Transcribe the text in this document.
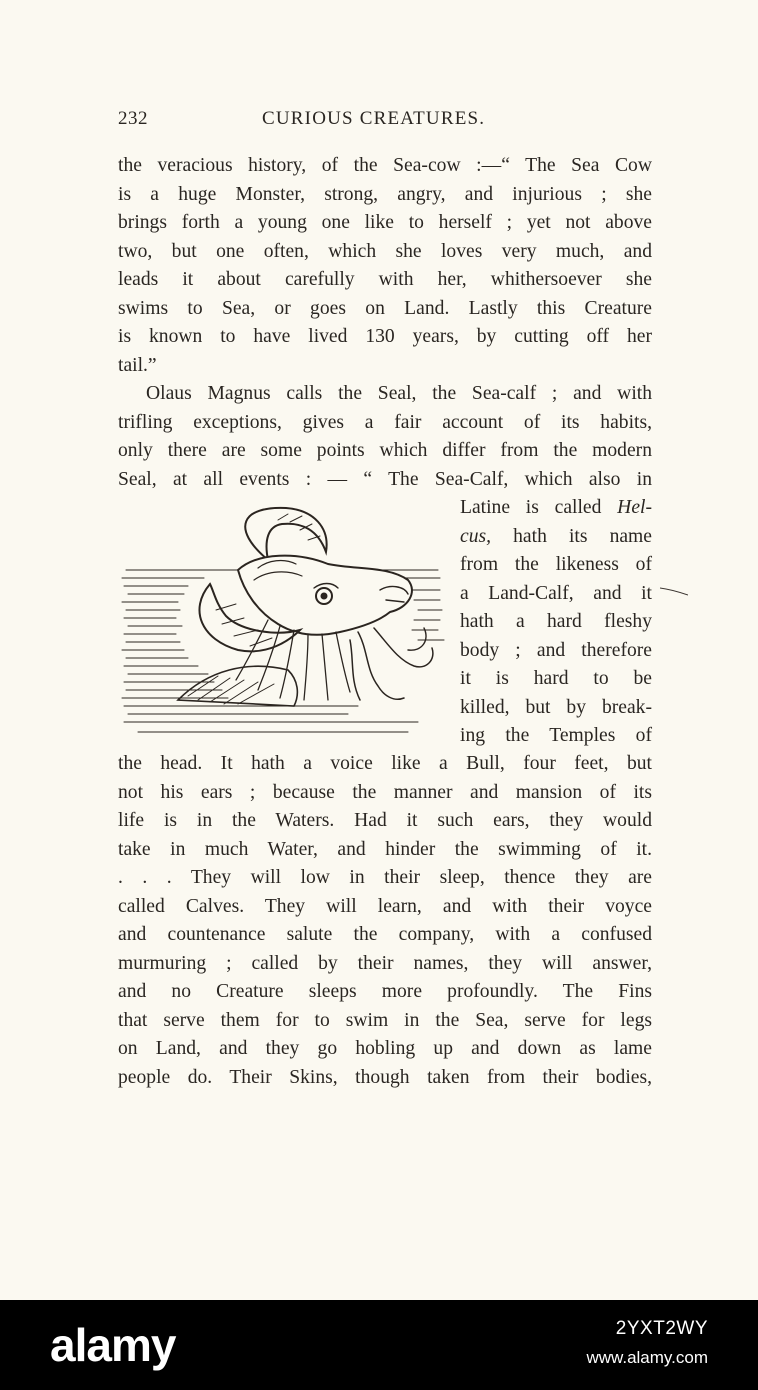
232	CURIOUS CREATURES.
the veracious history, of the Sea-cow :—“ The Sea Cow
is a huge Monster, strong, angry, and injurious ; she
brings forth a young one like to herself ; yet not above
two, but one often, which she loves very much, and
leads it about carefully with her, whithersoever she
swims to Sea, or goes on Land. Lastly this Creature
is known to have lived 130 years, by cutting off her
tail.”
Olaus Magnus calls the Seal, the Sea-calf ; and with
trifling exceptions, gives a fair account of its habits,
only there are some points which differ from the modern
Seal, at all events : — “ The Sea-Calf, which also in
Latine is called Hel-
cus, hath its name
from the likeness of
a Land-Calf, and it
hath a hard fleshy
body ; and therefore
it is hard to be
killed, but by break-
ing the Temples of
the head. It hath a voice like a Bull, four feet, but
not his ears ; because the manner and mansion of its
life is in the Waters. Had it such ears, they would
take in much Water, and hinder the swimming of it.
. . . They will low in their sleep, thence they are
called Calves. They will learn, and with their voyce
and countenance salute the company, with a confused
murmuring ; called by their names, they will answer,
and no Creature sleeps more profoundly. The Fins
that serve them for to swim in the Sea, serve for legs
on Land, and they go hobling up and down as lame
people do. Their Skins, though taken from their bodies,
alamy	2YXT2WY
www.alamy.com
